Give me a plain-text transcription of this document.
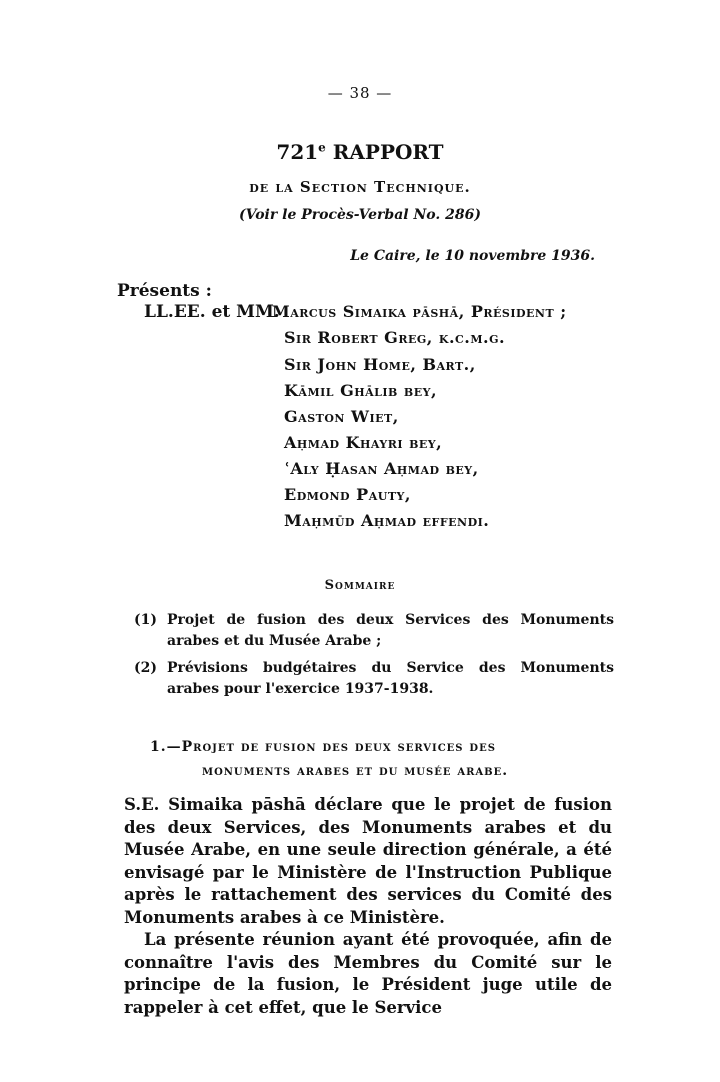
— 38 —
721e RAPPORT
de la Section Technique.
(Voir le Procès-Verbal No. 286)
Le Caire, le 10 novembre 1936.
Présents :
LL.EE. et MM.
Marcus Simaika pāshā, Président ;
Sir Robert Greg, k.c.m.g.
Sir John Home, Bart.,
Kāmil Ghālib bey,
Gaston Wiet,
Aḥmad Khayri bey,
ʿAly Ḥasan Aḥmad bey,
Edmond Pauty,
Maḥmūd Aḥmad effendi.
Sommaire
(1) Projet de fusion des deux Services des Monuments arabes et du Musée Arabe ;
(2) Prévisions budgétaires du Service des Monuments arabes pour l'exercice 1937-1938.
1.—Projet de fusion des deux services des
monuments arabes et du musée arabe.

S.E. Simaika pāshā déclare que le projet de fusion des deux Services, des Monuments arabes et du Musée Arabe, en une seule direction générale, a été envisagé par le Ministère de l'Instruction Publique après le rattachement des services du Comité des Monuments arabes à ce Ministère.

La présente réunion ayant été provoquée, afin de connaître l'avis des Membres du Comité sur le principe de la fusion, le Président juge utile de rappeler à cet effet, que le Service
